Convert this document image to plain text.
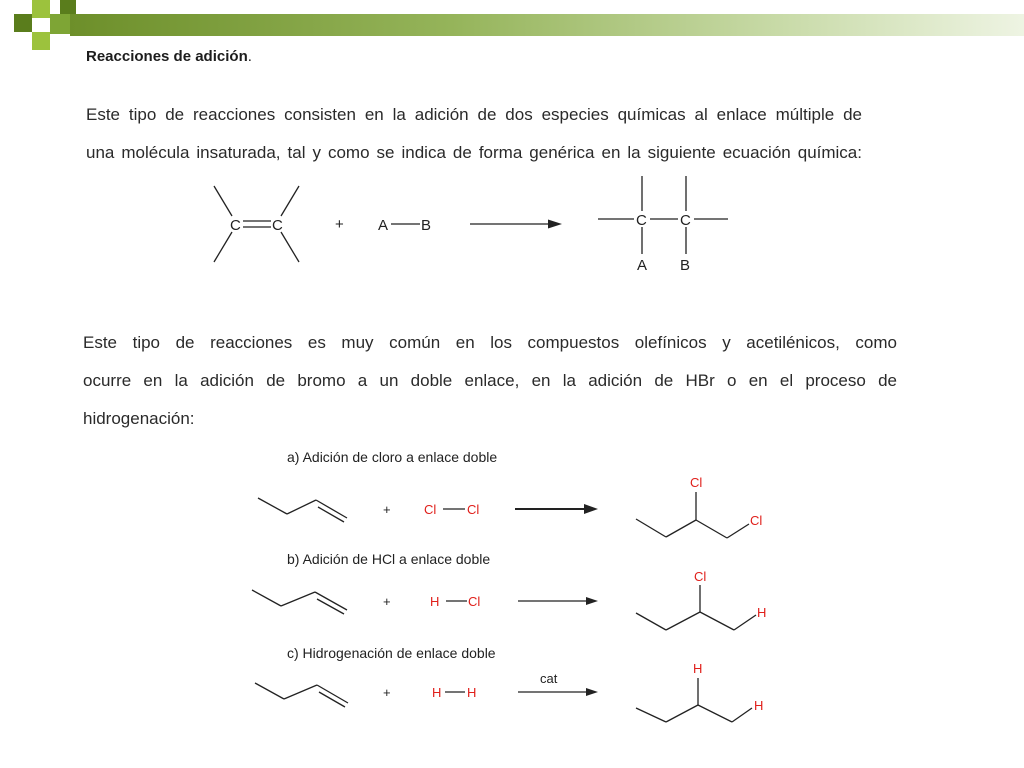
Reacciones de adición.
Este tipo de reacciones consisten en la adición de dos especies químicas al enlace múltiple de
una molécula insaturada, tal y como se indica de forma genérica en la siguiente ecuación química:
C C	+ A B	C C
A B
Este tipo de reacciones es muy común en los compuestos olefínicos y acetilénicos, como
ocurre en la adición de bromo a un doble enlace, en la adición de HBr o en el proceso de
hidrogenación:
a) Adición de cloro a enlace doble
b) Adición de HCl a enlace doble
c) Hidrogenación de enlace doble
+	Cl Cl
Cl
Cl
+	H Cl
Cl
H
+	H H
cat
H
H
